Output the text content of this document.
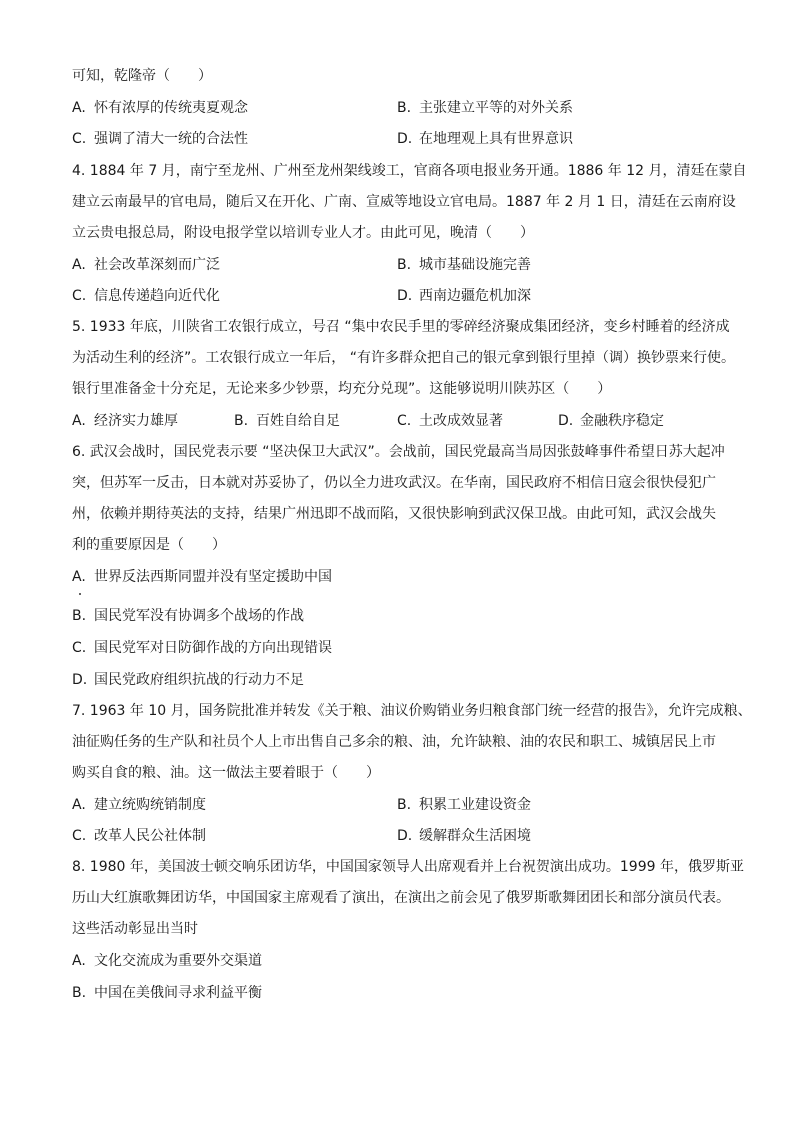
可知，乾隆帝（　　）
A. 怀有浓厚的传统夷夏观念	B. 主张建立平等的对外关系
C. 强调了清大一统的合法性	D. 在地理观上具有世界意识
4. 1884 年 7 月，南宁至龙州、广州至龙州架线竣工，官商各项电报业务开通。1886 年 12 月，清廷在蒙自
建立云南最早的官电局，随后又在开化、广南、宣威等地设立官电局。1887 年 2 月 1 日，清廷在云南府设
立云贵电报总局，附设电报学堂以培训专业人才。由此可见，晚清（　　）
A. 社会改革深刻而广泛	B. 城市基础设施完善
C. 信息传递趋向近代化	D. 西南边疆危机加深
5. 1933 年底，川陕省工农银行成立，号召 “集中农民手里的零碎经济聚成集团经济，变乡村睡着的经济成
为活动生利的经济”。工农银行成立一年后， “有许多群众把自己的银元拿到银行里掉（调）换钞票来行使。
银行里准备金十分充足，无论来多少钞票，均充分兑现”。这能够说明川陕苏区（　　）
A. 经济实力雄厚	B. 百姓自给自足	C. 土改成效显著	D. 金融秩序稳定
6. 武汉会战时，国民党表示要 “坚决保卫大武汉”。会战前，国民党最高当局因张鼓峰事件希望日苏大起冲
突，但苏军一反击，日本就对苏妥协了，仍以全力进攻武汉。在华南，国民政府不相信日寇会很快侵犯广
州，依赖并期待英法的支持，结果广州迅即不战而陷，又很快影响到武汉保卫战。由此可知，武汉会战失
利的重要原因是（　　）
A. 世界反法西斯同盟并没有坚定援助中国
B. 国民党军没有协调多个战场的作战
C. 国民党军对日防御作战的方向出现错误
D. 国民党政府组织抗战的行动力不足
7. 1963 年 10 月，国务院批准并转发《关于粮、油议价购销业务归粮食部门统一经营的报告》，允许完成粮、
油征购任务的生产队和社员个人上市出售自己多余的粮、油，允许缺粮、油的农民和职工、城镇居民上市
购买自食的粮、油。这一做法主要着眼于（　　）
A. 建立统购统销制度	B. 积累工业建设资金
C. 改革人民公社体制	D. 缓解群众生活困境
8. 1980 年，美国波士顿交响乐团访华，中国国家领导人出席观看并上台祝贺演出成功。1999 年，俄罗斯亚
历山大红旗歌舞团访华，中国国家主席观看了演出，在演出之前会见了俄罗斯歌舞团团长和部分演员代表。
这些活动彰显出当时
A. 文化交流成为重要外交渠道
B. 中国在美俄间寻求利益平衡
